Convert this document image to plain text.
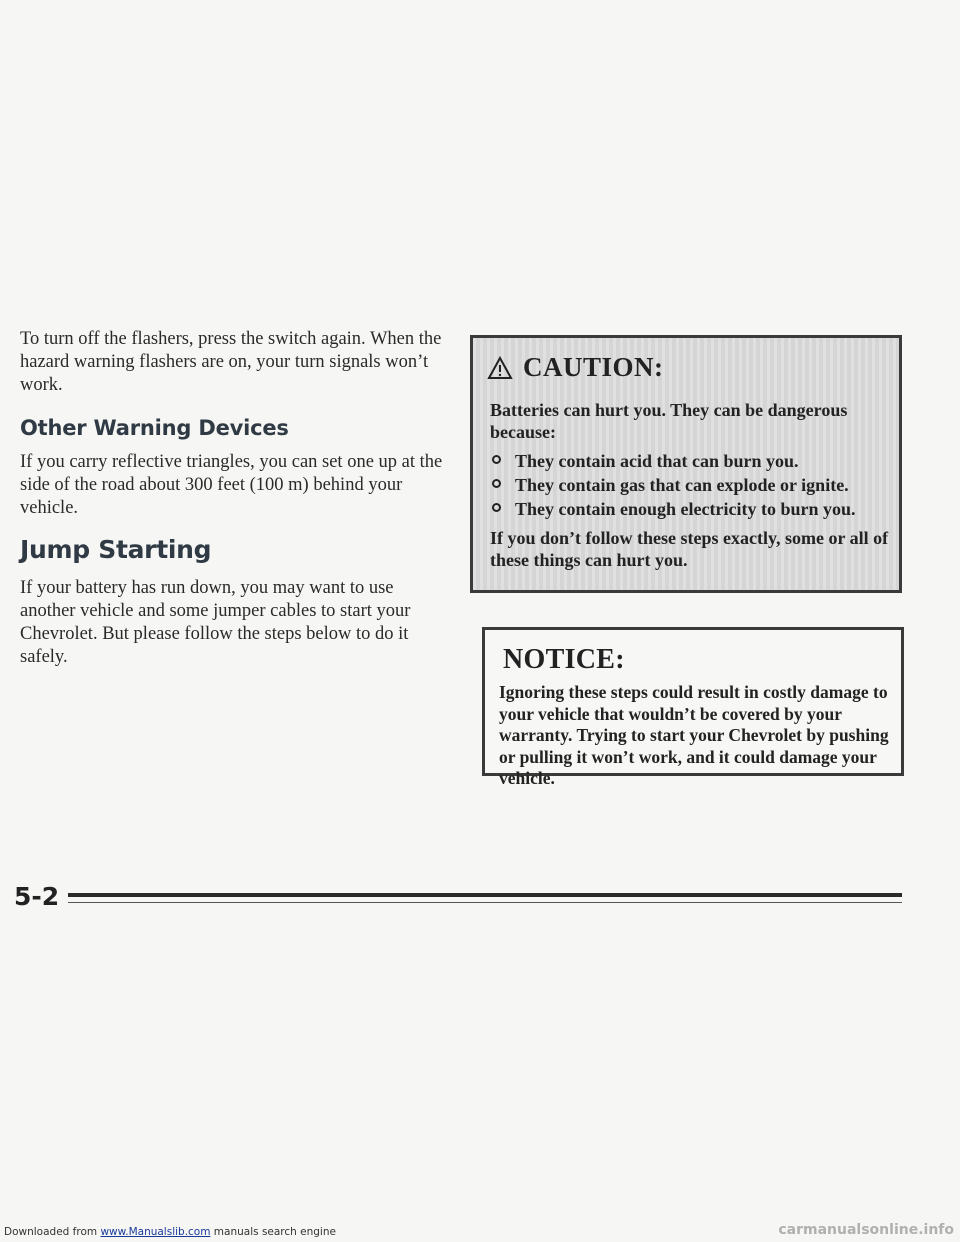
To turn off the flashers, press the switch again. When the hazard warning flashers are on, your turn signals won’t work.

Other Warning Devices

If you carry reflective triangles, you can set one up at the side of the road about 300 feet (100 m) behind your vehicle.

Jump Starting

If your battery has run down, you may want to use another vehicle and some jumper cables to start your Chevrolet. But please follow the steps below to do it safely.

CAUTION:

Batteries can hurt you. They can be dangerous because:

They contain acid that can burn you.
They contain gas that can explode or ignite.
They contain enough electricity to burn you.

If you don’t follow these steps exactly, some or all of these things can hurt you.

NOTICE:
Ignoring these steps could result in costly damage to your vehicle that wouldn’t be covered by your warranty. Trying to start your Chevrolet by pushing or pulling it won’t work, and it could damage your vehicle.
5-2
Downloaded from www.Manualslib.com manuals search engine	carmanualsonline.info
